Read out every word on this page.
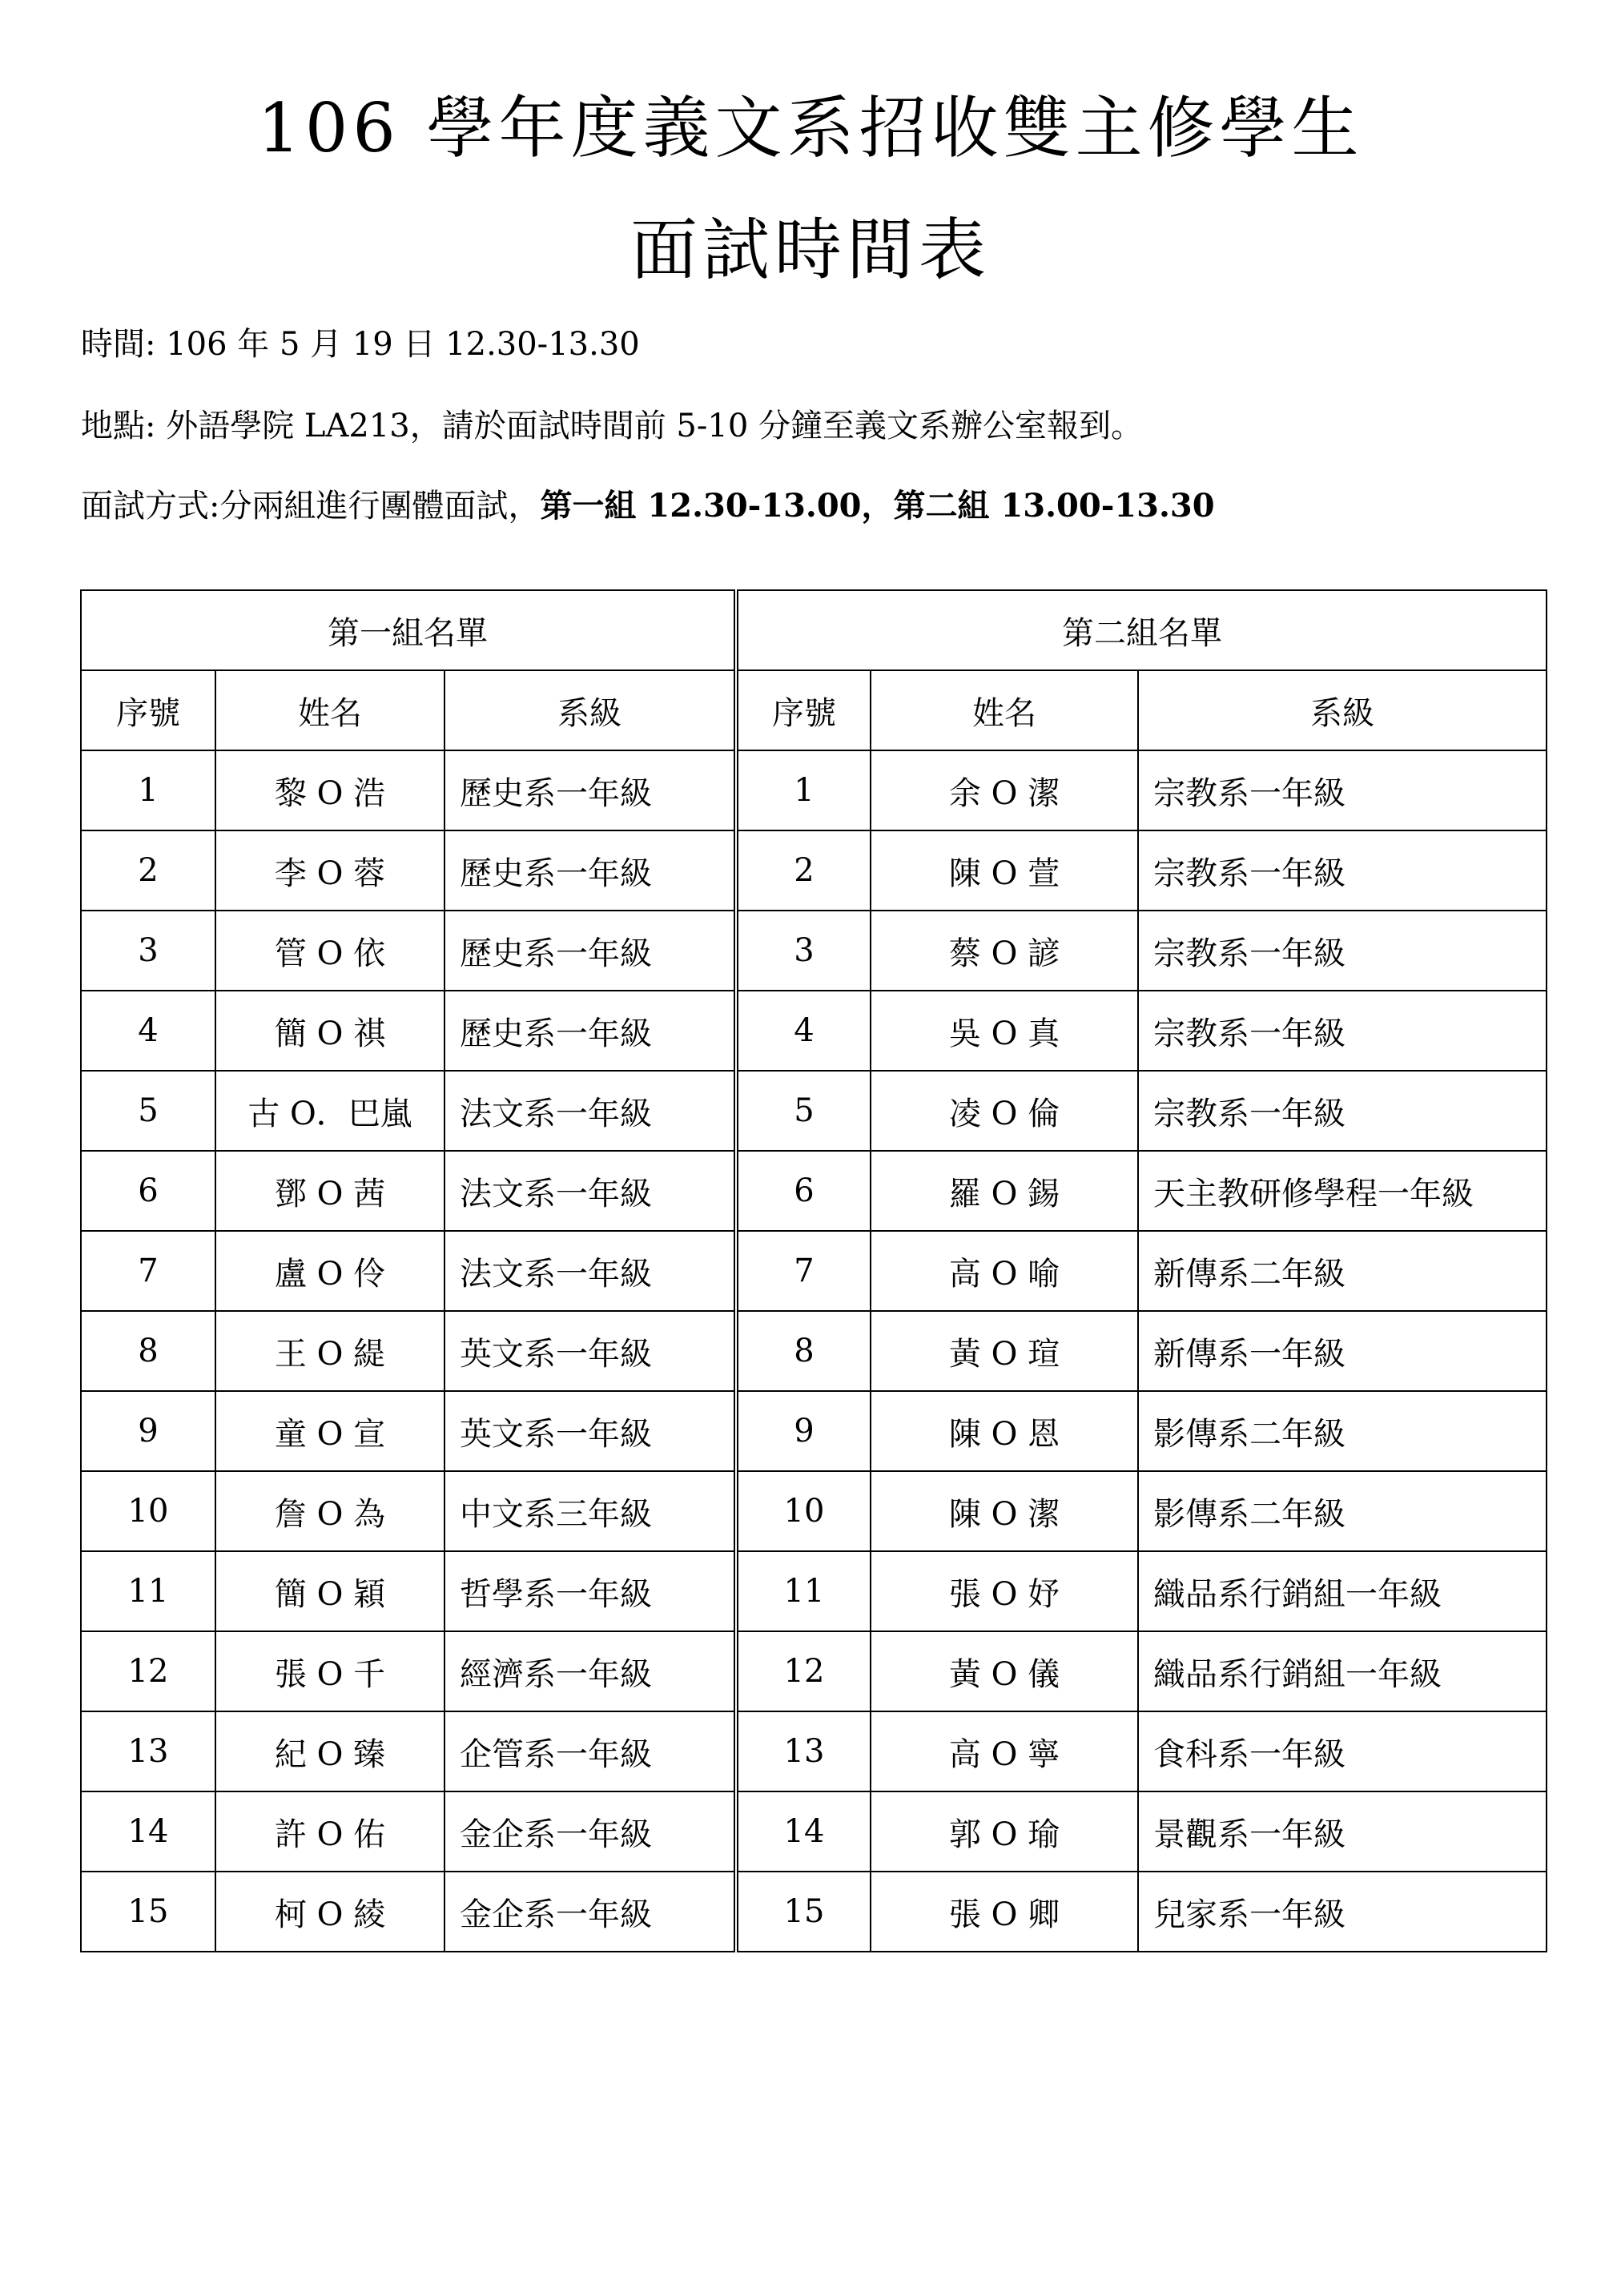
106 學年度義文系招收雙主修學生
面試時間表
時間: 106 年 5 月 19 日 12.30-13.30
地點: 外語學院 LA213，請於面試時間前 5-10 分鐘至義文系辦公室報到。
面試方式:分兩組進行團體面試，第一組 12.30-13.00，第二組 13.00-13.30
第一組名單			第二組名單		
序號	姓名	系級	序號	姓名	系級
1	黎 O 浩	歷史系一年級	1	余 O 潔	宗教系一年級
2	李 O 蓉	歷史系一年級	2	陳 O 萱	宗教系一年級
3	管 O 依	歷史系一年級	3	蔡 O 諺	宗教系一年級
4	簡 O 祺	歷史系一年級	4	吳 O 真	宗教系一年級
5	古 O．巴嵐	法文系一年級	5	凌 O 倫	宗教系一年級
6	鄧 O 茜	法文系一年級	6	羅 O 錫	天主教研修學程一年級
7	盧 O 伶	法文系一年級	7	高 O 喻	新傳系二年級
8	王 O 緹	英文系一年級	8	黃 O 瑄	新傳系一年級
9	童 O 宣	英文系一年級	9	陳 O 恩	影傳系二年級
10	詹 O 為	中文系三年級	10	陳 O 潔	影傳系二年級
11	簡 O 穎	哲學系一年級	11	張 O 妤	織品系行銷組一年級
12	張 O 千	經濟系一年級	12	黃 O 儀	織品系行銷組一年級
13	紀 O 臻	企管系一年級	13	高 O 寧	食科系一年級
14	許 O 佑	金企系一年級	14	郭 O 瑜	景觀系一年級
15	柯 O 綾	金企系一年級	15	張 O 卿	兒家系一年級
